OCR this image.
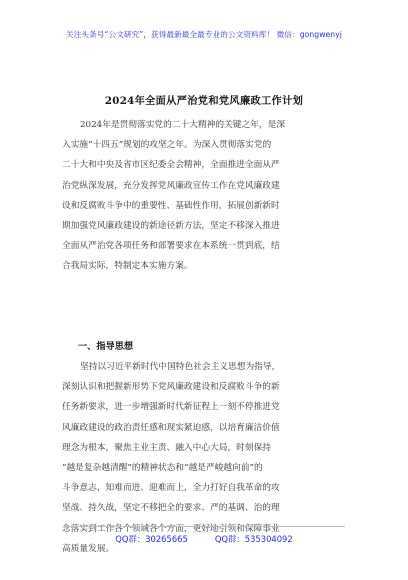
关注头条号“公文研究”，获得最新最全最专业的公文资料库！ 微信：gongwenyj
2024年全面从严治党和党风廉政工作计划
2024年是贯彻落实党的二十大精神的关键之年，是深
入实施“十四五”规划的攻坚之年。为深入贯彻落实党的
二十大和中央及省市区纪委全会精神，全面推进全面从严
治党纵深发展，充分发挥党风廉政宣传工作在党风廉政建
设和反腐败斗争中的重要性、基础性作用，拓展创新新时
期加强党风廉政建设的新途径新方法，坚定不移深入推进
全面从严治党各项任务和部署要求在本系统一贯到底，结
合我局实际，特制定本实施方案。
一、指导思想
坚持以习近平新时代中国特色社会主义思想为指导，
深刻认识和把握新形势下党风廉政建设和反腐败斗争的新
任务新要求，进一步增强新时代新征程上一刻不停推进党
风廉政建设的政治责任感和现实紧迫感，以培育廉洁价值
理念为根本，聚焦主业主责、融入中心大局，时刻保持
“越是复杂越清醒”的精神状态和“越是严峻越向前”的
斗争意志，知难而进、迎难而上，全力打好自我革命的攻
坚战、持久战，坚定不移把全的要求、严的基调、治的理
念落实到工作各个领域各个方面，更好地引领和保障事业
高质量发展。
QQ群：30265665	QQ群：535304092
